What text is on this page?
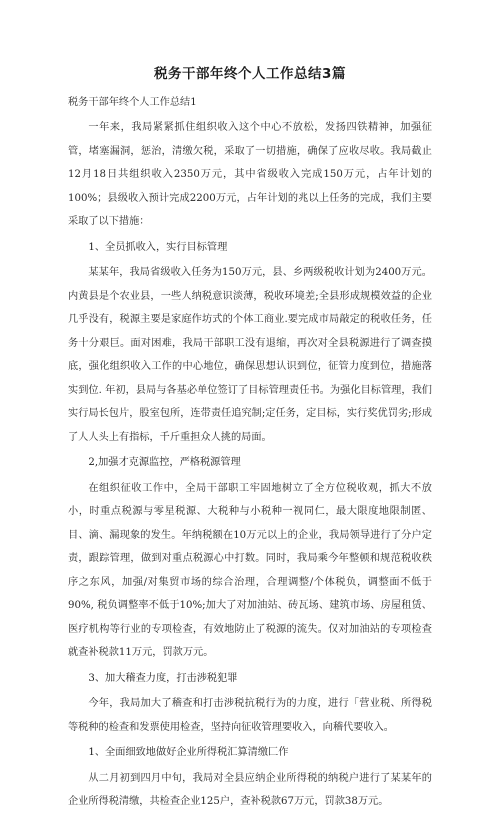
税务干部年终个人工作总结3篇
税务干部年终个人工作总结1

一年来，我局紧紧抓住组织收入这个中心不放松，发扬四铁精神，加强征管，堵塞漏洞，惩治，清缴欠税，采取了一切措施，确保了应收尽收。我局截止12月18日共组织收入2350万元，其中省级收入完成150万元，占年计划的100%；县级收入预计完成2200万元，占年计划的兆以上任务的完成，我们主要采取了以下措施：

1、全员抓收入，实行目标管理

某某年，我局省级收入任务为150万元，县、乡两级税收计划为2400万元。内黄县是个农业县，一些人纳税意识淡薄，税收环境差;全县形成规模效益的企业几乎没有，税源主要是家庭作坊式的个体工商业.要完成市局敲定的税收任务，任务十分艰巨。面对困难，我局干部职工没有退缩，再次对全县税源进行了调查摸底，强化组织收入工作的中心地位，确保思想认识到位，征管力度到位，措施落实到位. 年初，县局与各基必单位签订了目标管理责任书。为强化目标管理，我们实行局长包片，股室包所，连带责任追究制;定任务，定目标，实行奖优罚劣;形成了人人头上有指标，千斤重担众人挑的局面。

2,加强才克源监控，严格税源管理

在组织征收工作中，全局干部职工牢固地树立了全方位税收观，抓大不放小，时重点税源与零星税源、大税种与小税种一视同仁，最大限度地限制匿、目、滴、漏现象的发生。年纳税额在10万元以上的企业，我局领导进行了分户定责，跟踪管理，做到对重点税源心中打数。同时，我局乘今年整顿和规范税收秩序之东风，加强/对集贸市场的综合治理，合理调整/个体税负，调整面不低于90%, 税负调整率不低于10%;加大了对加油站、砖瓦场、建筑市场、房屋租赁、医疗机构等行业的专项检查，有效地防止了税源的流失。仅对加油站的专项检查就查补税款11万元，罚款万元。

3、加大稽查力度，打击涉税犯罪

今年，我局加大了稽查和打击涉税抗税行为的力度，进行「营业税、所得税等税种的检查和发票使用检查，坚持向征收管理要收入，向稽代要收入。

1、全面细致地做好企业所得税汇算清缴匚作

从二月初到四月中旬，我局对全县应纳企业所得税的纳税户进行了某某年的企业所得税清缴，共检查企业125户，查补税款67万元，罚款38万元。
